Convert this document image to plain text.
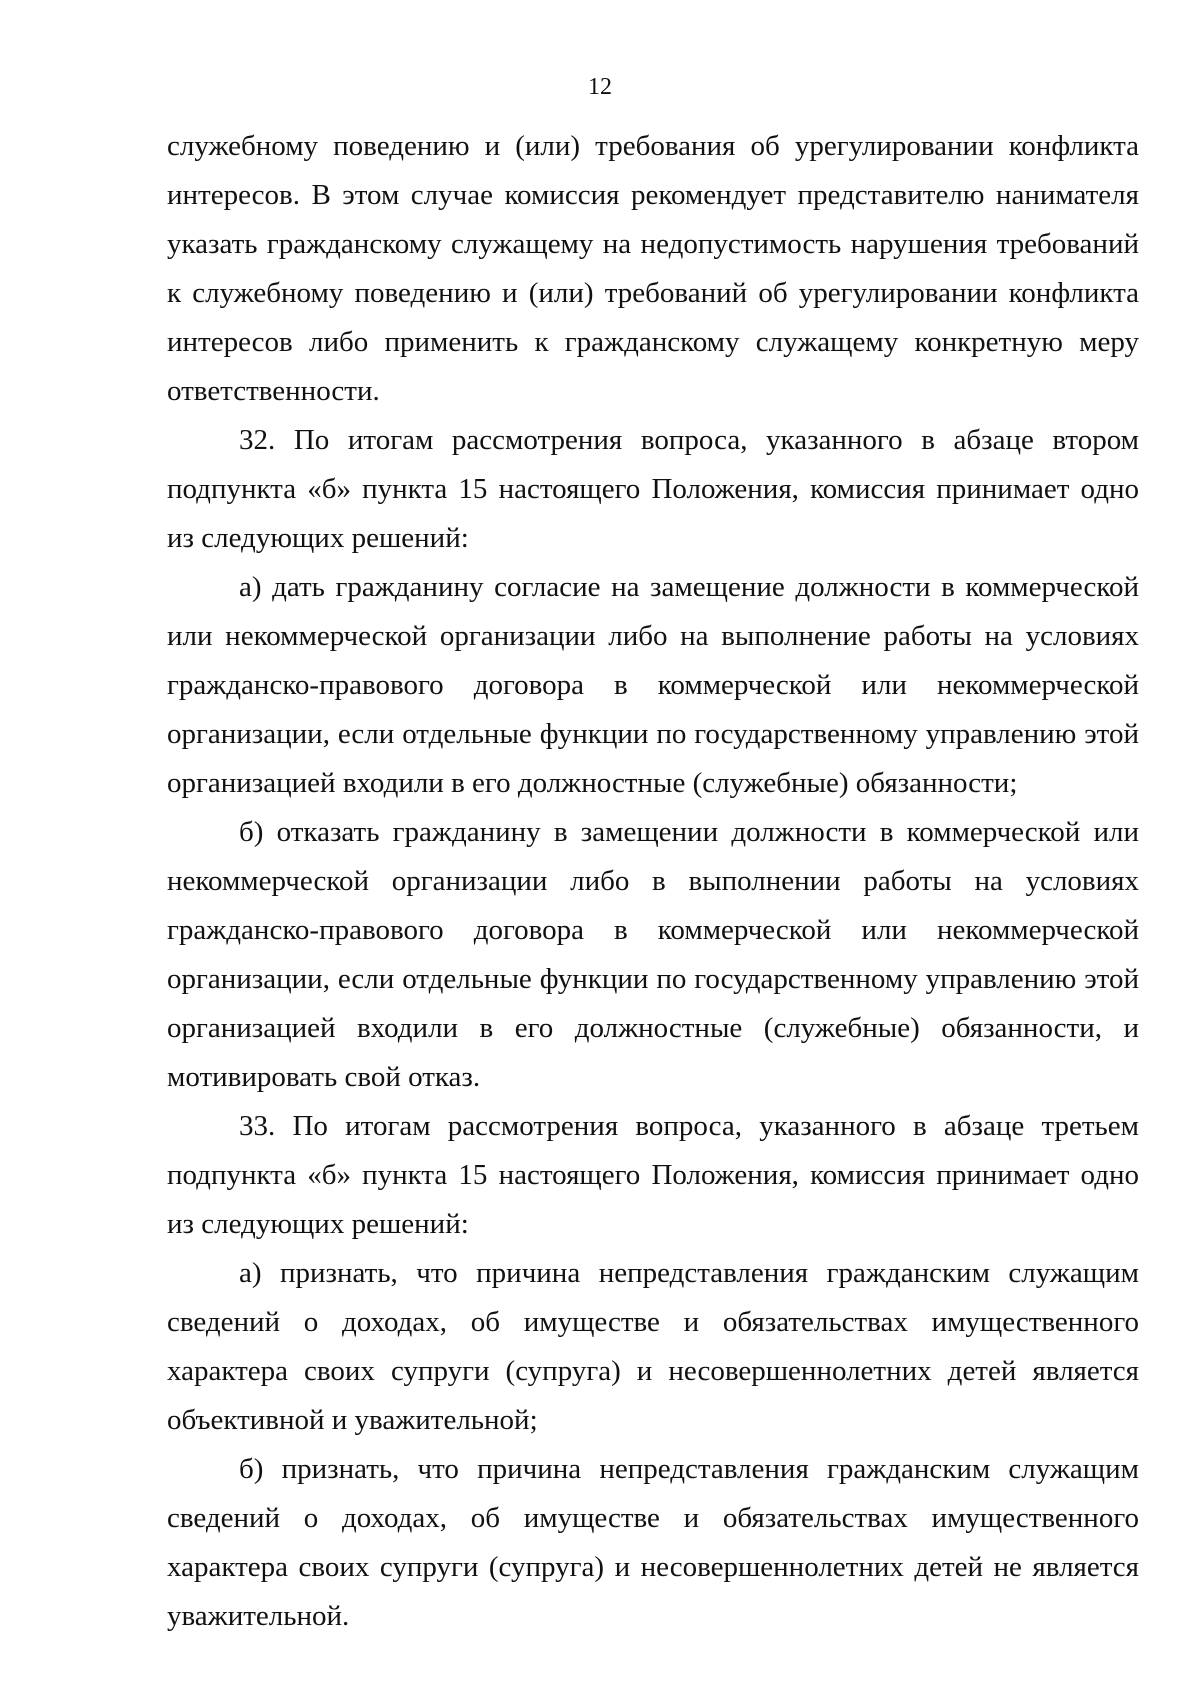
12

служебному поведению и (или) требования об урегулировании конфликта интересов. В этом случае комиссия рекомендует представителю нанимателя указать гражданскому служащему на недопустимость нарушения требований к служебному поведению и (или) требований об урегулировании конфликта интересов либо применить к гражданскому служащему конкретную меру ответственности.

32. По итогам рассмотрения вопроса, указанного в абзаце втором подпункта «б» пункта 15 настоящего Положения, комиссия принимает одно из следующих решений:

а) дать гражданину согласие на замещение должности в коммерческой или некоммерческой организации либо на выполнение работы на условиях гражданско-правового договора в коммерческой или некоммерческой организации, если отдельные функции по государственному управлению этой организацией входили в его должностные (служебные) обязанности;

б) отказать гражданину в замещении должности в коммерческой или некоммерческой организации либо в выполнении работы на условиях гражданско-правового договора в коммерческой или некоммерческой организации, если отдельные функции по государственному управлению этой организацией входили в его должностные (служебные) обязанности, и мотивировать свой отказ.

33. По итогам рассмотрения вопроса, указанного в абзаце третьем подпункта «б» пункта 15 настоящего Положения, комиссия принимает одно из следующих решений:

а) признать, что причина непредставления гражданским служащим сведений о доходах, об имуществе и обязательствах имущественного характера своих супруги (супруга) и несовершеннолетних детей является объективной и уважительной;

б) признать, что причина непредставления гражданским служащим сведений о доходах, об имуществе и обязательствах имущественного характера своих супруги (супруга) и несовершеннолетних детей не является уважительной.
